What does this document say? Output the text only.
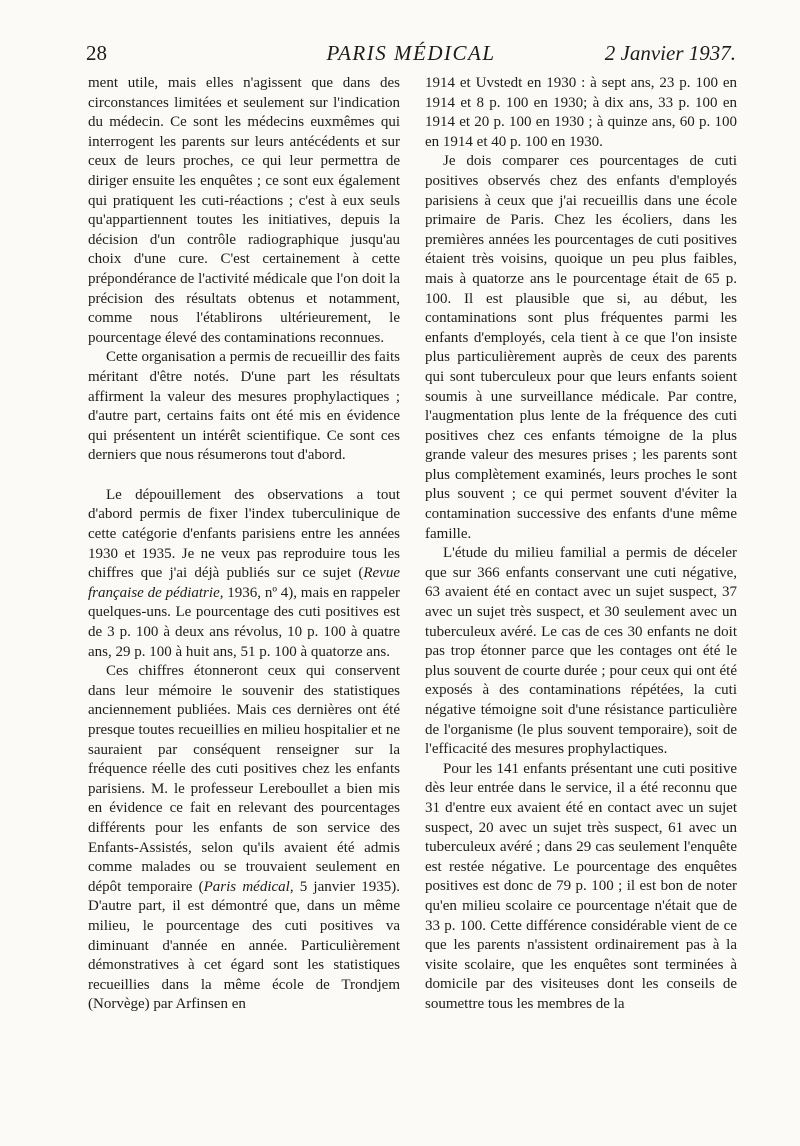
28	PARIS MÉDICAL	2 Janvier 1937.

ment utile, mais elles n'agissent que dans des circonstances limitées et seulement sur l'indication du médecin. Ce sont les médecins euxmêmes qui interrogent les parents sur leurs antécédents et sur ceux de leurs proches, ce qui leur permettra de diriger ensuite les enquêtes ; ce sont eux également qui pratiquent les cuti-réactions ; c'est à eux seuls qu'appartiennent toutes les initiatives, depuis la décision d'un contrôle radiographique jusqu'au choix d'une cure. C'est certainement à cette prépondérance de l'activité médicale que l'on doit la précision des résultats obtenus et notamment, comme nous l'établirons ultérieurement, le pourcentage élevé des contaminations reconnues.

Cette organisation a permis de recueillir des faits méritant d'être notés. D'une part les résultats affirment la valeur des mesures prophylactiques ; d'autre part, certains faits ont été mis en évidence qui présentent un intérêt scientifique. Ce sont ces derniers que nous résumerons tout d'abord.

Le dépouillement des observations a tout d'abord permis de fixer l'index tuberculinique de cette catégorie d'enfants parisiens entre les années 1930 et 1935. Je ne veux pas reproduire tous les chiffres que j'ai déjà publiés sur ce sujet (Revue française de pédiatrie, 1936, nº 4), mais en rappeler quelques-uns. Le pourcentage des cuti positives est de 3 p. 100 à deux ans révolus, 10 p. 100 à quatre ans, 29 p. 100 à huit ans, 51 p. 100 à quatorze ans.

Ces chiffres étonneront ceux qui conservent dans leur mémoire le souvenir des statistiques anciennement publiées. Mais ces dernières ont été presque toutes recueillies en milieu hospitalier et ne sauraient par conséquent renseigner sur la fréquence réelle des cuti positives chez les enfants parisiens. M. le professeur Lereboullet a bien mis en évidence ce fait en relevant des pourcentages différents pour les enfants de son service des Enfants-Assistés, selon qu'ils avaient été admis comme malades ou se trouvaient seulement en dépôt temporaire (Paris médical, 5 janvier 1935). D'autre part, il est démontré que, dans un même milieu, le pourcentage des cuti positives va diminuant d'année en année. Particulièrement démonstratives à cet égard sont les statistiques recueillies dans la même école de Trondjem (Norvège) par Arfinsen en

1914 et Uvstedt en 1930 : à sept ans, 23 p. 100 en 1914 et 8 p. 100 en 1930; à dix ans, 33 p. 100 en 1914 et 20 p. 100 en 1930 ; à quinze ans, 60 p. 100 en 1914 et 40 p. 100 en 1930.

Je dois comparer ces pourcentages de cuti positives observés chez des enfants d'employés parisiens à ceux que j'ai recueillis dans une école primaire de Paris. Chez les écoliers, dans les premières années les pourcentages de cuti positives étaient très voisins, quoique un peu plus faibles, mais à quatorze ans le pourcentage était de 65 p. 100. Il est plausible que si, au début, les contaminations sont plus fréquentes parmi les enfants d'employés, cela tient à ce que l'on insiste plus particulièrement auprès de ceux des parents qui sont tuberculeux pour que leurs enfants soient soumis à une surveillance médicale. Par contre, l'augmentation plus lente de la fréquence des cuti positives chez ces enfants témoigne de la plus grande valeur des mesures prises ; les parents sont plus complètement examinés, leurs proches le sont plus souvent ; ce qui permet souvent d'éviter la contamination successive des enfants d'une même famille.

L'étude du milieu familial a permis de déceler que sur 366 enfants conservant une cuti négative, 63 avaient été en contact avec un sujet suspect, 37 avec un sujet très suspect, et 30 seulement avec un tuberculeux avéré. Le cas de ces 30 enfants ne doit pas trop étonner parce que les contages ont été le plus souvent de courte durée ; pour ceux qui ont été exposés à des contaminations répétées, la cuti négative témoigne soit d'une résistance particulière de l'organisme (le plus souvent temporaire), soit de l'efficacité des mesures prophylactiques.

Pour les 141 enfants présentant une cuti positive dès leur entrée dans le service, il a été reconnu que 31 d'entre eux avaient été en contact avec un sujet suspect, 20 avec un sujet très suspect, 61 avec un tuberculeux avéré ; dans 29 cas seulement l'enquête est restée négative. Le pourcentage des enquêtes positives est donc de 79 p. 100 ; il est bon de noter qu'en milieu scolaire ce pourcentage n'était que de 33 p. 100. Cette différence considérable vient de ce que les parents n'assistent ordinairement pas à la visite scolaire, que les enquêtes sont terminées à domicile par des visiteuses dont les conseils de soumettre tous les membres de la
